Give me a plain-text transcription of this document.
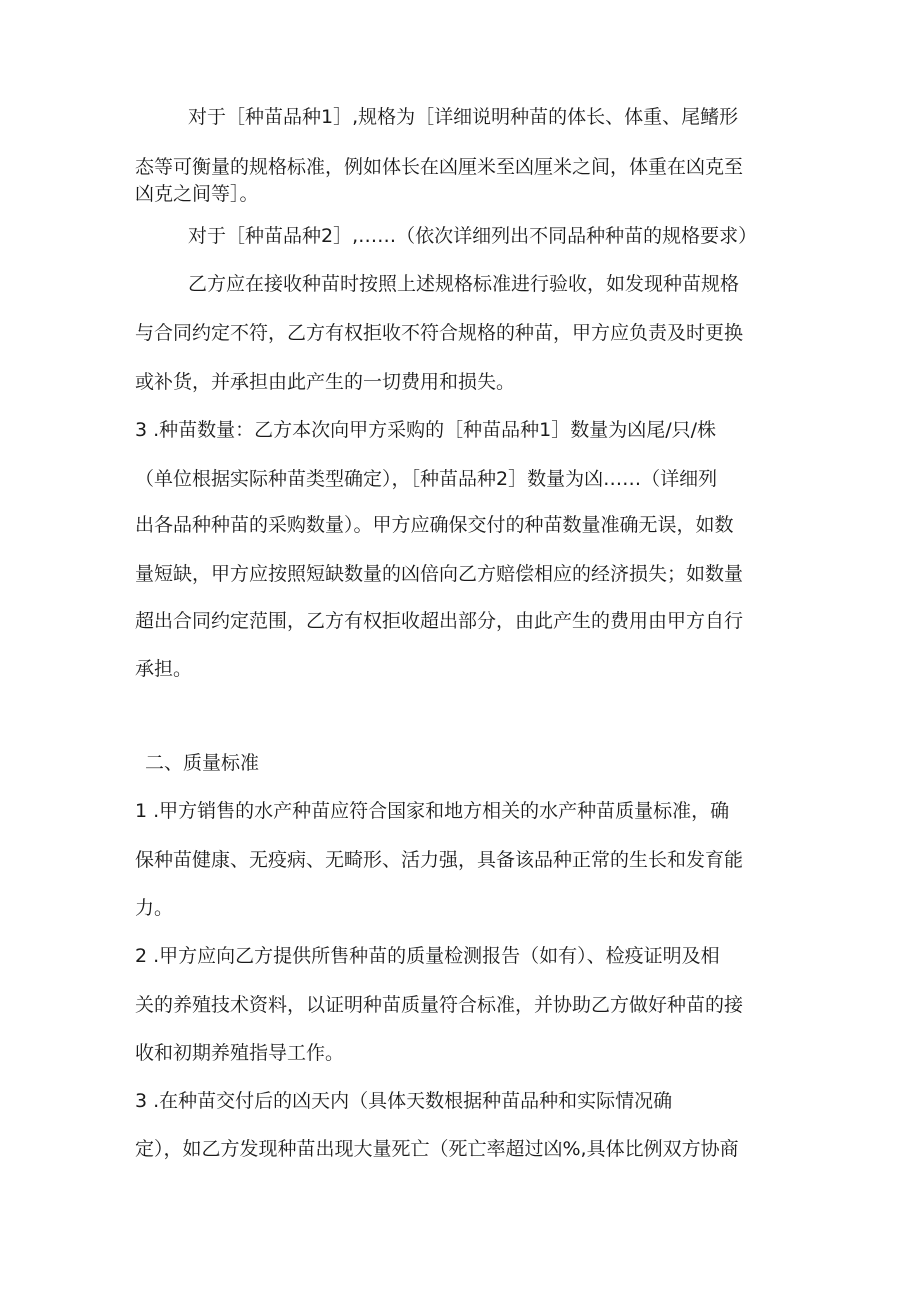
对于［种苗品种1］,规格为［详细说明种苗的体长、体重、尾鳍形
态等可衡量的规格标准，例如体长在凶厘米至凶厘米之间，体重在凶克至
凶克之间等］。
对于［种苗品种2］,……（依次详细列出不同品种种苗的规格要求）
乙方应在接收种苗时按照上述规格标准进行验收，如发现种苗规格
与合同约定不符，乙方有权拒收不符合规格的种苗，甲方应负责及时更换
或补货，并承担由此产生的一切费用和损失。
3 .种苗数量：乙方本次向甲方采购的［种苗品种1］数量为凶尾/只/株
（单位根据实际种苗类型确定），［种苗品种2］数量为凶……（详细列
出各品种种苗的采购数量）。甲方应确保交付的种苗数量准确无误，如数
量短缺，甲方应按照短缺数量的凶倍向乙方赔偿相应的经济损失；如数量
超出合同约定范围，乙方有权拒收超出部分，由此产生的费用由甲方自行
承担。
二、质量标准
1 .甲方销售的水产种苗应符合国家和地方相关的水产种苗质量标准，确
保种苗健康、无疫病、无畸形、活力强，具备该品种正常的生长和发育能
力。
2 .甲方应向乙方提供所售种苗的质量检测报告（如有）、检疫证明及相
关的养殖技术资料，以证明种苗质量符合标准，并协助乙方做好种苗的接
收和初期养殖指导工作。
3 .在种苗交付后的凶天内（具体天数根据种苗品种和实际情况确
定），如乙方发现种苗出现大量死亡（死亡率超过凶%,具体比例双方协商
